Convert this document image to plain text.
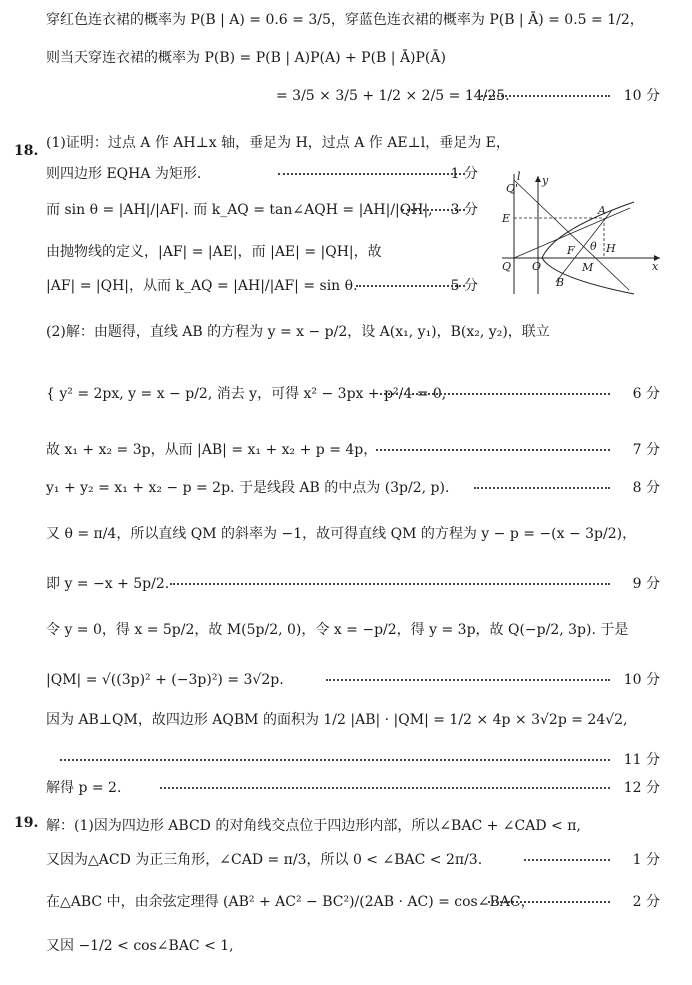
穿红色连衣裙的概率为 P(B | A) = 0.6 = 3/5，穿蓝色连衣裙的概率为 P(B | Ā) = 0.5 = 1/2，
则当天穿连衣裙的概率为 P(B) = P(B | A)P(A) + P(B | Ā)P(Ā)
= 3/5 × 3/5 + 1/2 × 2/5 = 14/25.	10 分
(1)证明：过点 A 作 AH⊥x 轴，垂足为 H，过点 A 作 AE⊥l，垂足为 E，
则四边形 EQHA 为矩形.	1 分
而 sin θ = |AH|/|AF|. 而 k_AQ = tan∠AQH = |AH|/|QH|,	3 分
由抛物线的定义，|AF| = |AE|，而 |AE| = |QH|，故
|AF| = |QH|，从而 k_AQ = |AH|/|AF| = sin θ.	5 分
(2)解：由题得，直线 AB 的方程为 y = x − p/2，设 A(x₁, y₁)，B(x₂, y₂)，联立
{ y² = 2px, y = x − p/2, 消去 y，可得 x² − 3px + p²/4 = 0,	6 分
故 x₁ + x₂ = 3p，从而 |AB| = x₁ + x₂ + p = 4p，	7 分
y₁ + y₂ = x₁ + x₂ − p = 2p. 于是线段 AB 的中点为 (3p/2, p).	8 分
又 θ = π/4，所以直线 QM 的斜率为 −1，故可得直线 QM 的方程为 y − p = −(x − 3p/2)，
即 y = −x + 5p/2.	9 分
令 y = 0，得 x = 5p/2，故 M(5p/2, 0)，令 x = −p/2，得 y = 3p，故 Q(−p/2, 3p). 于是
|QM| = √((3p)² + (−3p)²) = 3√2p.	10 分
因为 AB⊥QM，故四边形 AQBM 的面积为 1/2 |AB| · |QM| = 1/2 × 4p × 3√2p = 24√2,
11 分
解得 p = 2.	12 分
解：(1)因为四边形 ABCD 的对角线交点位于四边形内部，所以∠BAC + ∠CAD < π,
又因为△ACD 为正三角形，∠CAD = π/3，所以 0 < ∠BAC < 2π/3.	1 分
在△ABC 中，由余弦定理得 (AB² + AC² − BC²)/(2AB · AC) = cos∠BAC，	2 分
又因 −1/2 < cos∠BAC < 1,
18.
19.
Q'
l y
E
A
F θ H
Q O	M	x
B
